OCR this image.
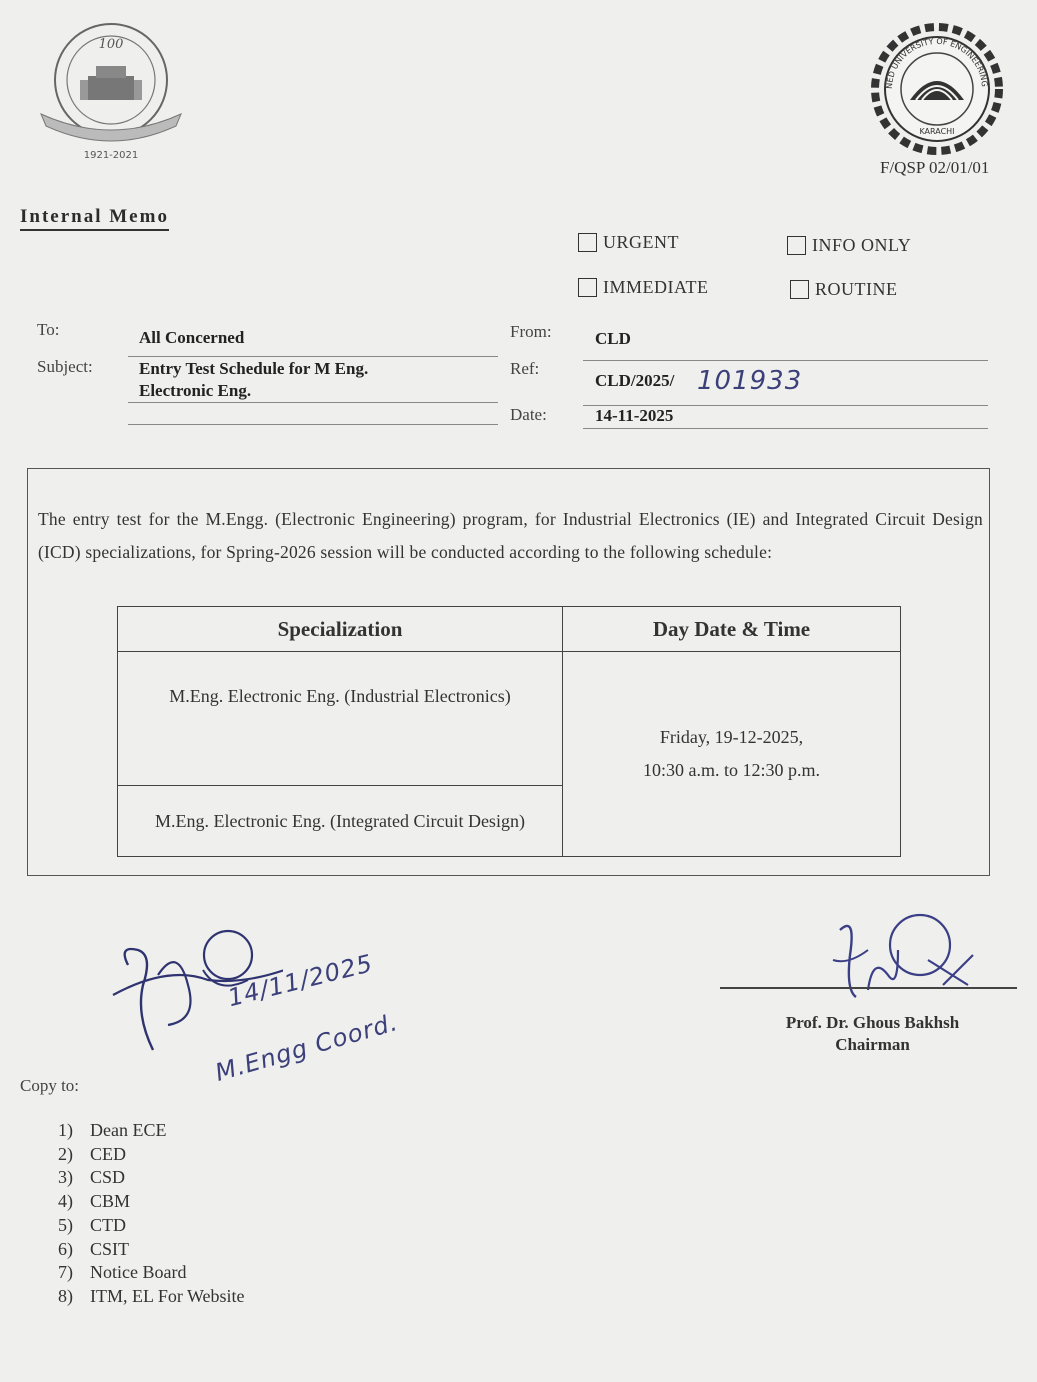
100
1921-2021
NED UNIVERSITY OF ENGINEERING
KARACHI
F/QSP 02/01/01
Internal Memo
URGENT	INFO ONLY
IMMEDIATE	ROUTINE
To:	All Concerned
Subject:	Entry Test Schedule for M Eng.
Electronic Eng.
From:	CLD
Ref:
CLD/2025/ 101933
Date:	14-11-2025
The entry test for the M.Engg. (Electronic Engineering) program, for Industrial Electronics (IE) and Integrated Circuit Design (ICD) specializations, for Spring-2026 session will be conducted according to the following schedule:
Specialization	Day Date & Time
M.Eng. Electronic Eng. (Industrial Electronics)	Friday, 19-12-2025,
10:30 a.m. to 12:30 p.m.

M.Eng. Electronic Eng. (Integrated Circuit Design)	
14/11/2025
M.Engg Coord.	Prof. Dr. Ghous Bakhsh
Chairman
Copy to:
1) Dean ECE
2) CED
3) CSD
4) CBM
5) CTD
6) CSIT
7) Notice Board
8) ITM, EL For Website
